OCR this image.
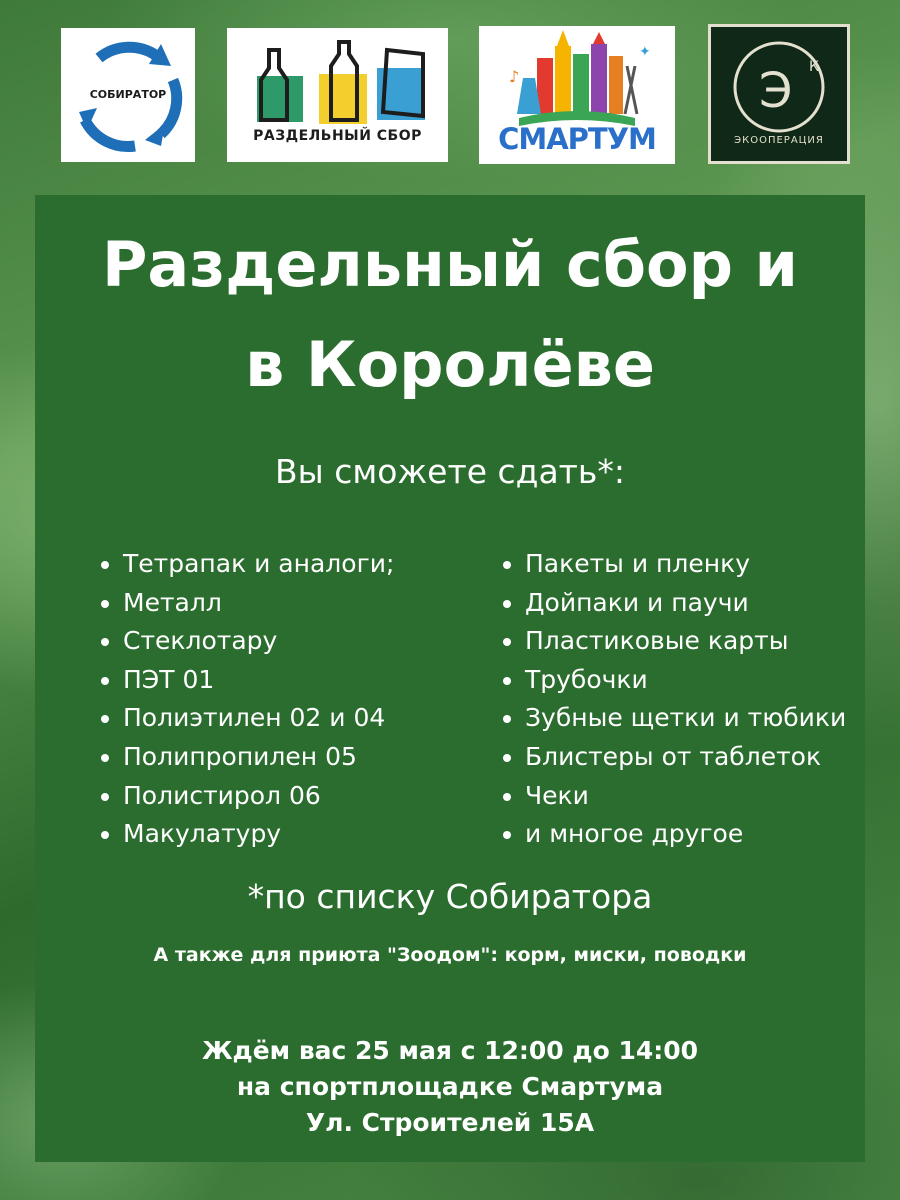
СОБИРАТОР
РАЗДЕЛЬНЫЙ СБОР
♪
✦
СМАРТУМ
Э К
ЭКООПЕРАЦИЯ
Раздельный сбор и
в Королёве
Вы сможете сдать*:
Тетрапак и аналоги;
Металл
Стеклотару
ПЭТ 01
Полиэтилен 02 и 04
Полипропилен 05
Полистирол 06
Макулатуру
Пакеты и пленку
Дойпаки и паучи
Пластиковые карты
Трубочки
Зубные щетки и тюбики
Блистеры от таблеток
Чеки
и многое другое
*по списку Собиратора
А также для приюта "Зоодом": корм, миски, поводки
Ждём вас 25 мая с 12:00 до 14:00
на спортплощадке Смартума
Ул. Строителей 15А
